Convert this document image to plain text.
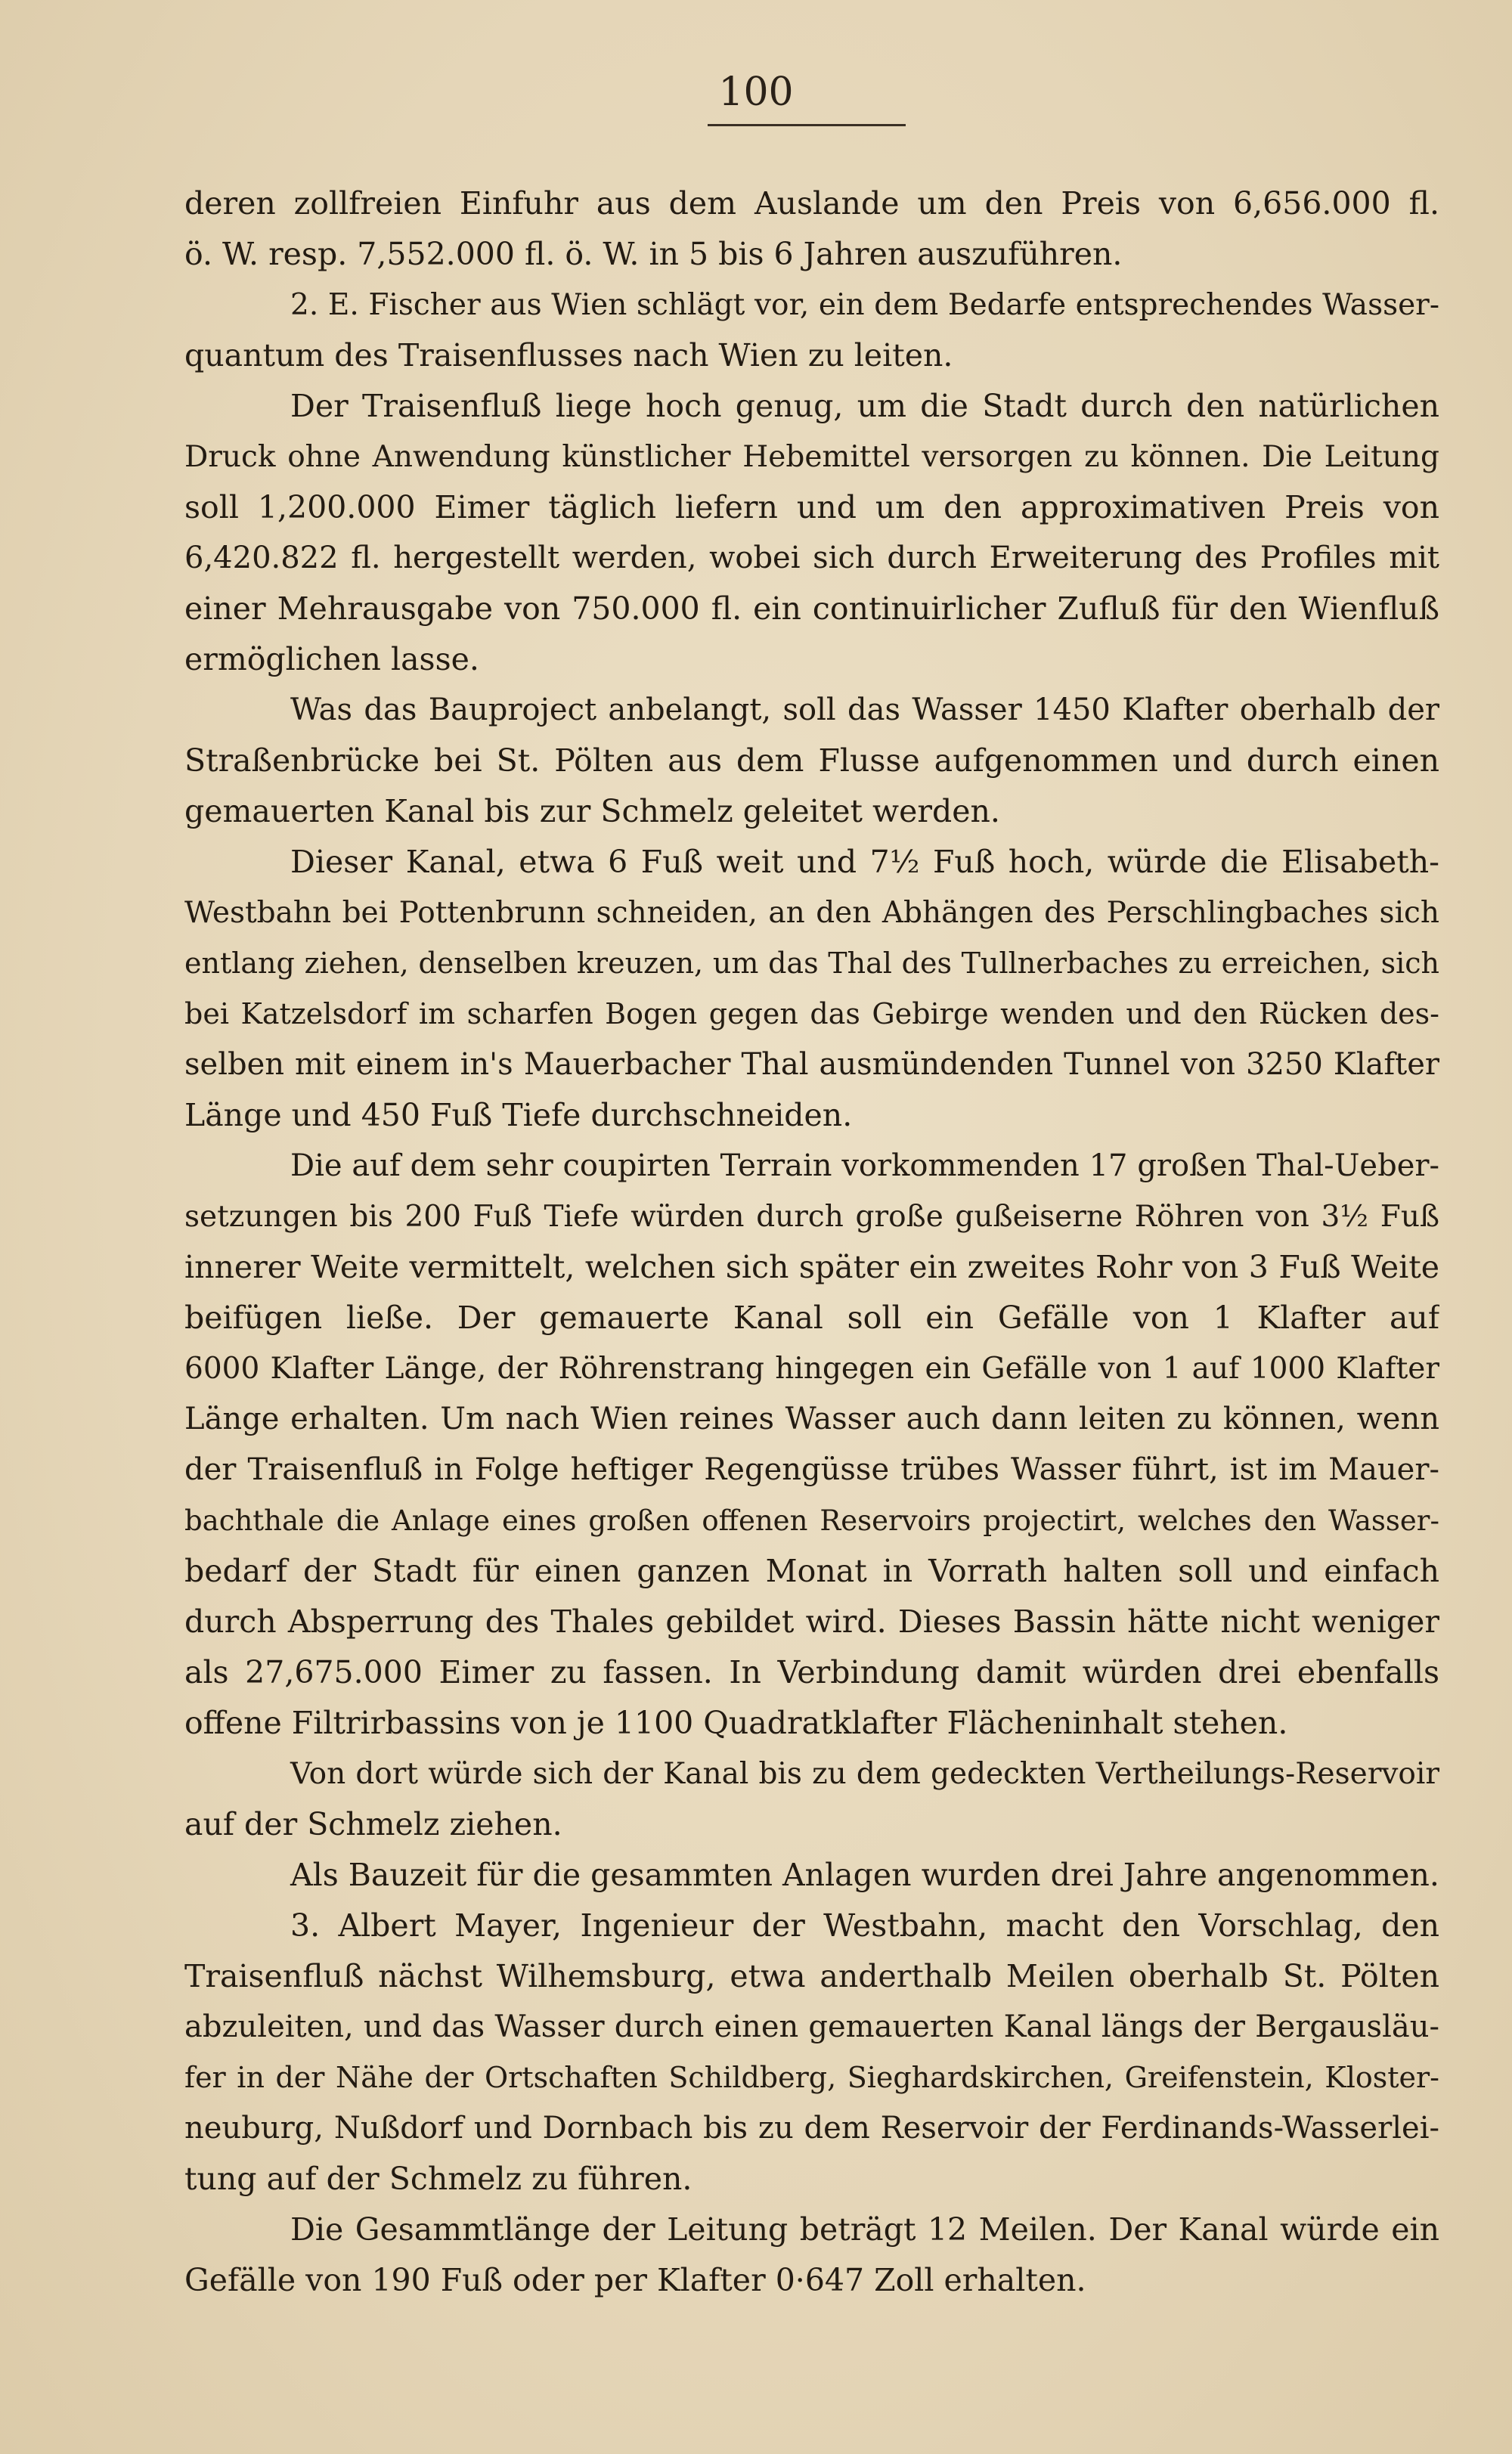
100
deren zollfreien Einfuhr aus dem Auslande um den Preis von 6,656.000 fl.
ö. W. resp. 7,552.000 fl. ö. W. in 5 bis 6 Jahren auszuführen.
2. E. Fischer aus Wien schlägt vor, ein dem Bedarfe entsprechendes Wasser-
quantum des Traisenflusses nach Wien zu leiten.
Der Traisenfluß liege hoch genug, um die Stadt durch den natürlichen
Druck ohne Anwendung künstlicher Hebemittel versorgen zu können. Die Leitung
soll 1,200.000 Eimer täglich liefern und um den approximativen Preis von
6,420.822 fl. hergestellt werden, wobei sich durch Erweiterung des Profiles mit
einer Mehrausgabe von 750.000 fl. ein continuirlicher Zufluß für den Wienfluß
ermöglichen lasse.
Was das Bauproject anbelangt, soll das Wasser 1450 Klafter oberhalb der
Straßenbrücke bei St. Pölten aus dem Flusse aufgenommen und durch einen
gemauerten Kanal bis zur Schmelz geleitet werden.
Dieser Kanal, etwa 6 Fuß weit und 7½ Fuß hoch, würde die Elisabeth-
Westbahn bei Pottenbrunn schneiden, an den Abhängen des Perschlingbaches sich
entlang ziehen, denselben kreuzen, um das Thal des Tullnerbaches zu erreichen, sich
bei Katzelsdorf im scharfen Bogen gegen das Gebirge wenden und den Rücken des-
selben mit einem in's Mauerbacher Thal ausmündenden Tunnel von 3250 Klafter
Länge und 450 Fuß Tiefe durchschneiden.
Die auf dem sehr coupirten Terrain vorkommenden 17 großen Thal-Ueber-
setzungen bis 200 Fuß Tiefe würden durch große gußeiserne Röhren von 3½ Fuß
innerer Weite vermittelt, welchen sich später ein zweites Rohr von 3 Fuß Weite
beifügen ließe. Der gemauerte Kanal soll ein Gefälle von 1 Klafter auf
6000 Klafter Länge, der Röhrenstrang hingegen ein Gefälle von 1 auf 1000 Klafter
Länge erhalten. Um nach Wien reines Wasser auch dann leiten zu können, wenn
der Traisenfluß in Folge heftiger Regengüsse trübes Wasser führt, ist im Mauer-
bachthale die Anlage eines großen offenen Reservoirs projectirt, welches den Wasser-
bedarf der Stadt für einen ganzen Monat in Vorrath halten soll und einfach
durch Absperrung des Thales gebildet wird. Dieses Bassin hätte nicht weniger
als 27,675.000 Eimer zu fassen. In Verbindung damit würden drei ebenfalls
offene Filtrirbassins von je 1100 Quadratklafter Flächeninhalt stehen.
Von dort würde sich der Kanal bis zu dem gedeckten Vertheilungs-Reservoir
auf der Schmelz ziehen.
Als Bauzeit für die gesammten Anlagen wurden drei Jahre angenommen.
3. Albert Mayer, Ingenieur der Westbahn, macht den Vorschlag, den
Traisenfluß nächst Wilhemsburg, etwa anderthalb Meilen oberhalb St. Pölten
abzuleiten, und das Wasser durch einen gemauerten Kanal längs der Bergausläu-
fer in der Nähe der Ortschaften Schildberg, Sieghardskirchen, Greifenstein, Kloster-
neuburg, Nußdorf und Dornbach bis zu dem Reservoir der Ferdinands-Wasserlei-
tung auf der Schmelz zu führen.
Die Gesammtlänge der Leitung beträgt 12 Meilen. Der Kanal würde ein
Gefälle von 190 Fuß oder per Klafter 0·647 Zoll erhalten.
